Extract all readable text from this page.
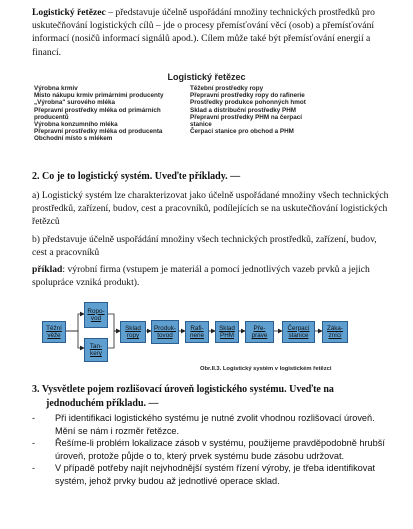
Logistický řetězec – představuje účelně uspořádání množiny technických prostředků pro uskutečňování logistických cílů – jde o procesy přemísťování věcí (osob) a přemísťování informací (nosičů informací signálů apod.). Cílem může také být přemísťování energií a financí.
Logistický řetězec
Výrobna krmiv
Místo nákupu krmiv primárními producenty
„Výrobna" surového mléka
Přepravní prostředky mléka od primárních producentů
Výrobna konzumního mléka
Přepravní prostředky mléka od producenta
Obchodní místo s mlékem
Těžební prostředky ropy
Přepravní prostředky ropy do rafinerie
Prostředky produkce pohonných hmot
Sklad a distribuční prostředky PHM
Přepravní prostředky PHM na čerpací stanice
Čerpací stanice pro obchod a PHM
2. Co je to logistický systém. Uveďte příklady. —
a) Logistický systém lze charakterizovat jako účelně uspořádané množiny všech technických prostředků, zařízení, budov, cest a pracovníků, podílejících se na uskutečňování logistických řetězců
b) představuje účelně uspořádání množiny všech technických prostředků, zařízení, budov, cest a pracovníků
příklad: výrobní firma (vstupem je materiál a pomocí jednotlivých vazeb prvků a jejich spolupráce vzniká produkt).
Těžní věže
Ropo-vod
Tan-kery
Sklad ropy
Produk-tovod
Rafi-nerie
Sklad PHM
Pře-prave
Čerpací stanice
Záka-zníci
Obr.II.3. Logistický systém v logistickém řetězci
3. Vysvětlete pojem rozlišovací úroveň logistického systému. Uveďte na
jednoduchém příkladu. —
- Při identifikaci logistického systému je nutné zvolit vhodnou rozlišovací úroveň. Mění se nám i rozměr řetězce.
- Řešíme-li problém lokalizace zásob v systému, použijeme pravděpodobně hrubší úroveň, protože půjde o to, který prvek systému bude zásobu udržovat.
- V případě potřeby najít nejvhodnější systém řízení výroby, je třeba identifikovat systém, jehož prvky budou až jednotlivé operace sklad.
